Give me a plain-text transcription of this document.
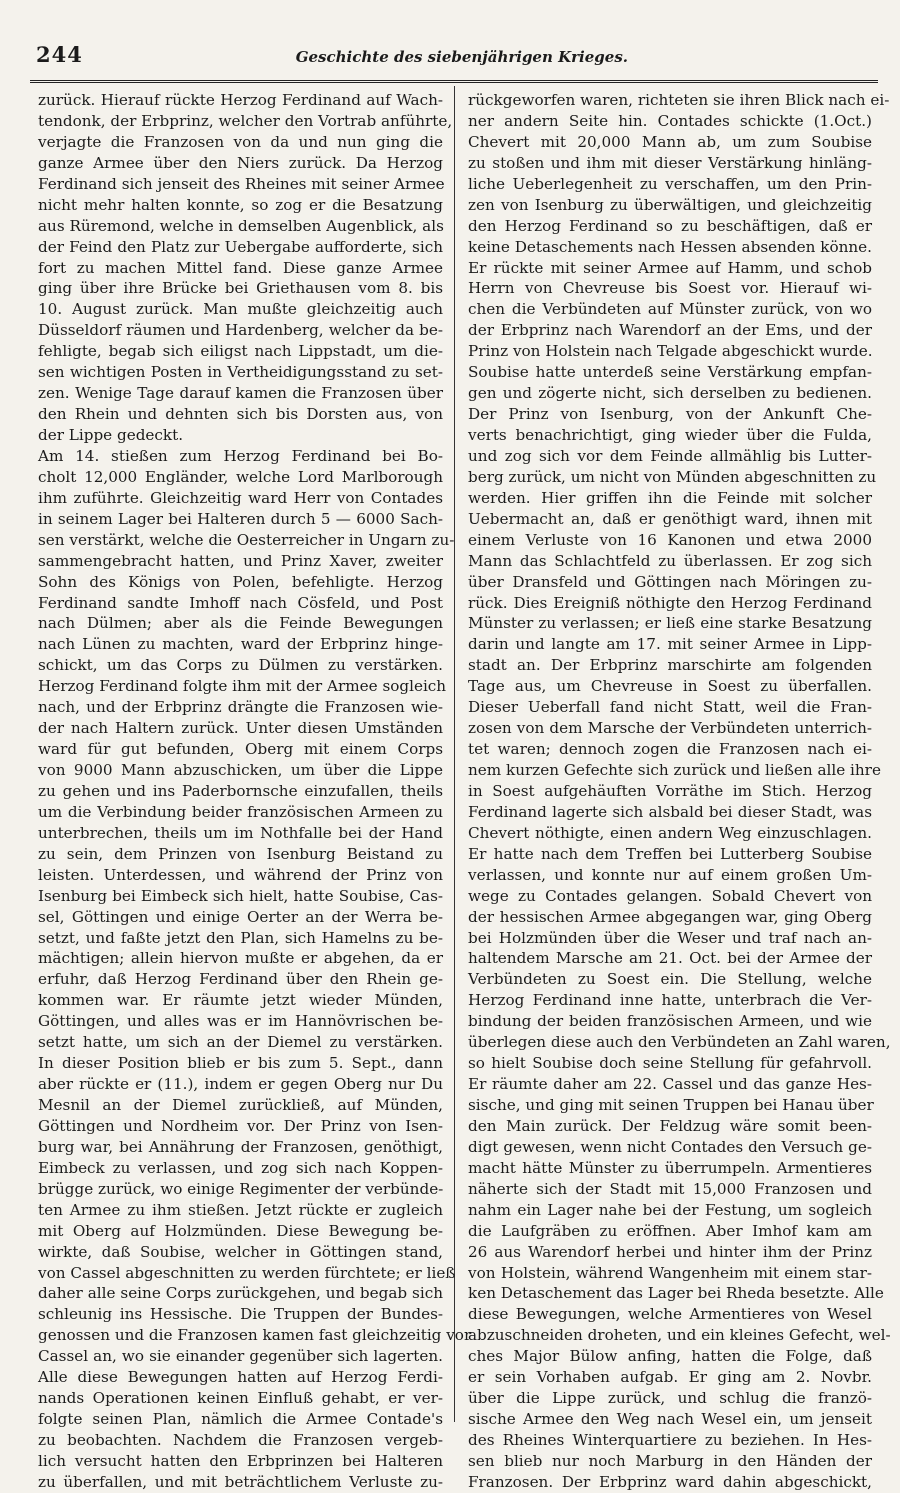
244	Geschichte des siebenjährigen Krieges.
zurück. Hierauf rückte Herzog Ferdinand auf Wach-
tendonk, der Erbprinz, welcher den Vortrab anführte,
verjagte die Franzosen von da und nun ging die
ganze Armee über den Niers zurück. Da Herzog
Ferdinand sich jenseit des Rheines mit seiner Armee
nicht mehr halten konnte, so zog er die Besatzung
aus Rüremond, welche in demselben Augenblick, als
der Feind den Platz zur Uebergabe aufforderte, sich
fort zu machen Mittel fand. Diese ganze Armee
ging über ihre Brücke bei Griethausen vom 8. bis
10. August zurück. Man mußte gleichzeitig auch
Düsseldorf räumen und Hardenberg, welcher da be-
fehligte, begab sich eiligst nach Lippstadt, um die-
sen wichtigen Posten in Vertheidigungsstand zu set-
zen. Wenige Tage darauf kamen die Franzosen über
den Rhein und dehnten sich bis Dorsten aus, von
der Lippe gedeckt.
Am 14. stießen zum Herzog Ferdinand bei Bo-
cholt 12,000 Engländer, welche Lord Marlborough
ihm zuführte. Gleichzeitig ward Herr von Contades
in seinem Lager bei Halteren durch 5 — 6000 Sach-
sen verstärkt, welche die Oesterreicher in Ungarn zu-
sammengebracht hatten, und Prinz Xaver, zweiter
Sohn des Königs von Polen, befehligte. Herzog
Ferdinand sandte Imhoff nach Cösfeld, und Post
nach Dülmen; aber als die Feinde Bewegungen
nach Lünen zu machten, ward der Erbprinz hinge-
schickt, um das Corps zu Dülmen zu verstärken.
Herzog Ferdinand folgte ihm mit der Armee sogleich
nach, und der Erbprinz drängte die Franzosen wie-
der nach Haltern zurück. Unter diesen Umständen
ward für gut befunden, Oberg mit einem Corps
von 9000 Mann abzuschicken, um über die Lippe
zu gehen und ins Paderbornsche einzufallen, theils
um die Verbindung beider französischen Armeen zu
unterbrechen, theils um im Nothfalle bei der Hand
zu sein, dem Prinzen von Isenburg Beistand zu
leisten. Unterdessen, und während der Prinz von
Isenburg bei Eimbeck sich hielt, hatte Soubise, Cas-
sel, Göttingen und einige Oerter an der Werra be-
setzt, und faßte jetzt den Plan, sich Hamelns zu be-
mächtigen; allein hiervon mußte er abgehen, da er
erfuhr, daß Herzog Ferdinand über den Rhein ge-
kommen war. Er räumte jetzt wieder Münden,
Göttingen, und alles was er im Hannövrischen be-
setzt hatte, um sich an der Diemel zu verstärken.
In dieser Position blieb er bis zum 5. Sept., dann
aber rückte er (11.), indem er gegen Oberg nur Du
Mesnil an der Diemel zurückließ, auf Münden,
Göttingen und Nordheim vor. Der Prinz von Isen-
burg war, bei Annährung der Franzosen, genöthigt,
Eimbeck zu verlassen, und zog sich nach Koppen-
brügge zurück, wo einige Regimenter der verbünde-
ten Armee zu ihm stießen. Jetzt rückte er zugleich
mit Oberg auf Holzmünden. Diese Bewegung be-
wirkte, daß Soubise, welcher in Göttingen stand,
von Cassel abgeschnitten zu werden fürchtete; er ließ
daher alle seine Corps zurückgehen, und begab sich
schleunig ins Hessische. Die Truppen der Bundes-
genossen und die Franzosen kamen fast gleichzeitig vor
Cassel an, wo sie einander gegenüber sich lagerten.
Alle diese Bewegungen hatten auf Herzog Ferdi-
nands Operationen keinen Einfluß gehabt, er ver-
folgte seinen Plan, nämlich die Armee Contade's
zu beobachten. Nachdem die Franzosen vergeb-
lich versucht hatten den Erbprinzen bei Halteren
zu überfallen, und mit beträchtlichem Verluste zu-
rückgeworfen waren, richteten sie ihren Blick nach ei-
ner andern Seite hin. Contades schickte (1.Oct.)
Chevert mit 20,000 Mann ab, um zum Soubise
zu stoßen und ihm mit dieser Verstärkung hinläng-
liche Ueberlegenheit zu verschaffen, um den Prin-
zen von Isenburg zu überwältigen, und gleichzeitig
den Herzog Ferdinand so zu beschäftigen, daß er
keine Detaschements nach Hessen absenden könne.
Er rückte mit seiner Armee auf Hamm, und schob
Herrn von Chevreuse bis Soest vor. Hierauf wi-
chen die Verbündeten auf Münster zurück, von wo
der Erbprinz nach Warendorf an der Ems, und der
Prinz von Holstein nach Telgade abgeschickt wurde.
Soubise hatte unterdeß seine Verstärkung empfan-
gen und zögerte nicht, sich derselben zu bedienen.
Der Prinz von Isenburg, von der Ankunft Che-
verts benachrichtigt, ging wieder über die Fulda,
und zog sich vor dem Feinde allmählig bis Lutter-
berg zurück, um nicht von Münden abgeschnitten zu
werden. Hier griffen ihn die Feinde mit solcher
Uebermacht an, daß er genöthigt ward, ihnen mit
einem Verluste von 16 Kanonen und etwa 2000
Mann das Schlachtfeld zu überlassen. Er zog sich
über Dransfeld und Göttingen nach Möringen zu-
rück. Dies Ereigniß nöthigte den Herzog Ferdinand
Münster zu verlassen; er ließ eine starke Besatzung
darin und langte am 17. mit seiner Armee in Lipp-
stadt an. Der Erbprinz marschirte am folgenden
Tage aus, um Chevreuse in Soest zu überfallen.
Dieser Ueberfall fand nicht Statt, weil die Fran-
zosen von dem Marsche der Verbündeten unterrich-
tet waren; dennoch zogen die Franzosen nach ei-
nem kurzen Gefechte sich zurück und ließen alle ihre
in Soest aufgehäuften Vorräthe im Stich. Herzog
Ferdinand lagerte sich alsbald bei dieser Stadt, was
Chevert nöthigte, einen andern Weg einzuschlagen.
Er hatte nach dem Treffen bei Lutterberg Soubise
verlassen, und konnte nur auf einem großen Um-
wege zu Contades gelangen. Sobald Chevert von
der hessischen Armee abgegangen war, ging Oberg
bei Holzmünden über die Weser und traf nach an-
haltendem Marsche am 21. Oct. bei der Armee der
Verbündeten zu Soest ein. Die Stellung, welche
Herzog Ferdinand inne hatte, unterbrach die Ver-
bindung der beiden französischen Armeen, und wie
überlegen diese auch den Verbündeten an Zahl waren,
so hielt Soubise doch seine Stellung für gefahrvoll.
Er räumte daher am 22. Cassel und das ganze Hes-
sische, und ging mit seinen Truppen bei Hanau über
den Main zurück. Der Feldzug wäre somit been-
digt gewesen, wenn nicht Contades den Versuch ge-
macht hätte Münster zu überrumpeln. Armentieres
näherte sich der Stadt mit 15,000 Franzosen und
nahm ein Lager nahe bei der Festung, um sogleich
die Laufgräben zu eröffnen. Aber Imhof kam am
26 aus Warendorf herbei und hinter ihm der Prinz
von Holstein, während Wangenheim mit einem star-
ken Detaschement das Lager bei Rheda besetzte. Alle
diese Bewegungen, welche Armentieres von Wesel
abzuschneiden droheten, und ein kleines Gefecht, wel-
ches Major Bülow anfing, hatten die Folge, daß
er sein Vorhaben aufgab. Er ging am 2. Novbr.
über die Lippe zurück, und schlug die franzö-
sische Armee den Weg nach Wesel ein, um jenseit
des Rheines Winterquartiere zu beziehen. In Hes-
sen blieb nur noch Marburg in den Händen der
Franzosen. Der Erbprinz ward dahin abgeschickt,
